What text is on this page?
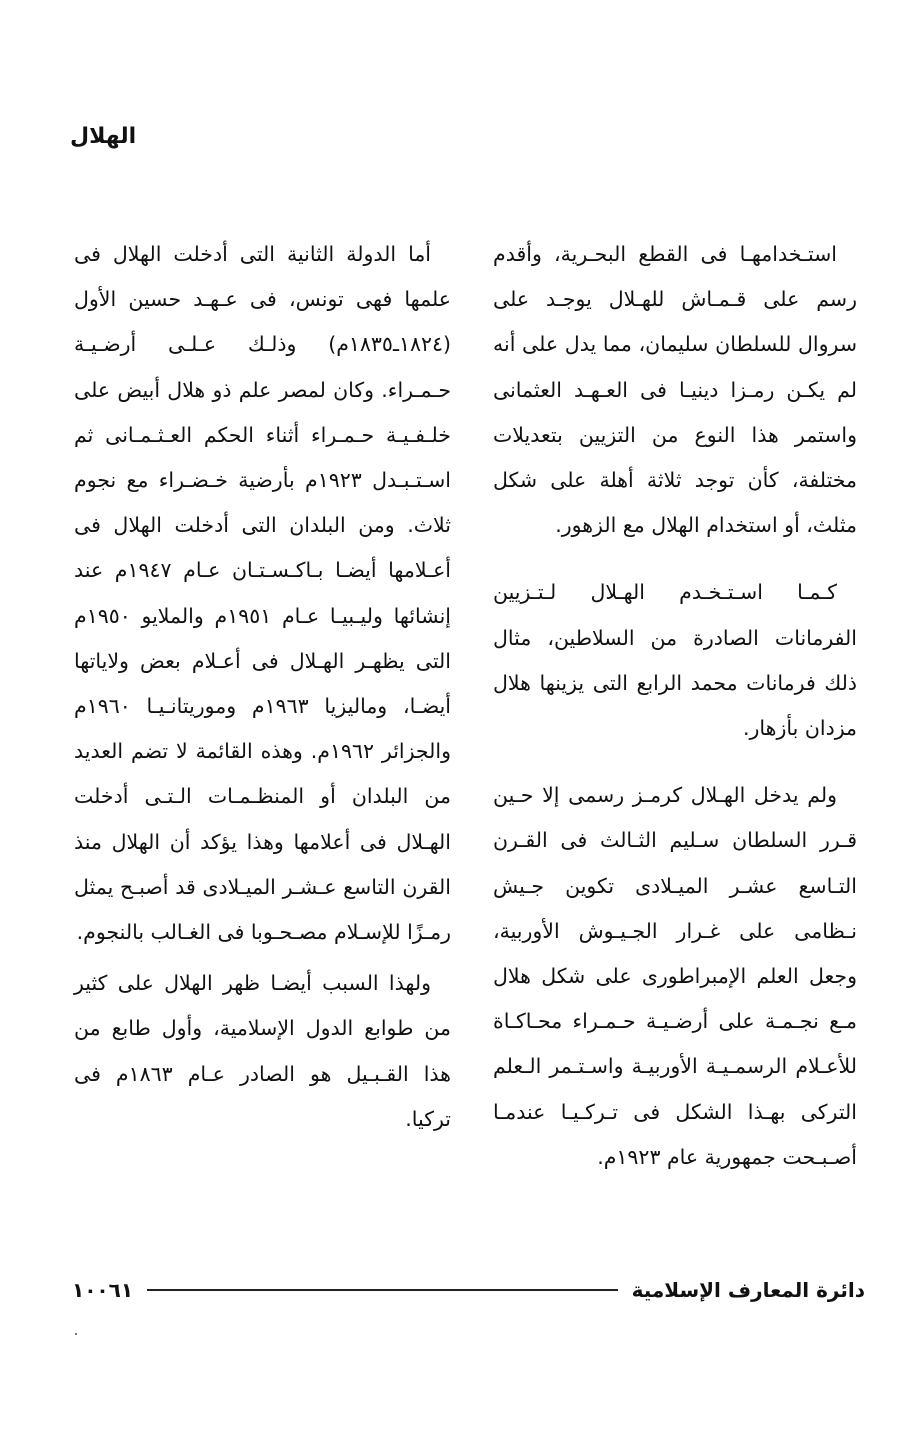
الهلال

استـخدامهـا فى القطع البحـرية، وأقدم رسم على قـمـاش للهـلال يوجـد على سروال للسلطان سليمان، مما يدل على أنه لم يكـن رمـزا دينيـا فى العـهـد العثمانى واستمر هذا النوع من التزيين بتعديلات مختلفة، كأن توجد ثلاثة أهلة على شكل مثلث، أو استخدام الهلال مع الزهور.

كـمـا اسـتـخـدم الهـلال لـتـزيين الفرمانات الصادرة من السلاطين، مثال ذلك فرمانات محمد الرابع التى يزينها هلال مزدان بأزهار.

ولم يدخل الهـلال كرمـز رسمى إلا حـين قـرر السلطان سـليم الثـالث فى القـرن التـاسع عشـر الميـلادى تكوين جـيش نـظامى على غـرار الجـيـوش الأوربية، وجعل العلم الإمبراطورى على شكل هلال مـع نجـمـة على أرضـيـة حـمـراء محـاكـاة للأعـلام الرسمـيـة الأوربيـة واسـتـمر الـعلم التركى بهـذا الشكل فى تـركـيـا عندمـا أصـبـحت جمهورية عام ١٩٢٣م.

أما الدولة الثانية التى أدخلت الهلال فى علمها فهى تونس، فى عـهـد حسين الأول (١٨٢٤ـ١٨٣٥م) وذلـك عـلـى أرضـيـة حـمـراء. وكان لمصر علم ذو هلال أبيض على خلـفـيـة حـمـراء أثناء الحكم العـثـمـانى ثم اسـتـبـدل ١٩٢٣م بأرضية خـضـراء مع نجوم ثلاث. ومن البلدان التى أدخلت الهلال فى أعـلامها أيضـا بـاكـسـتـان عـام ١٩٤٧م عند إنشائها وليـبيـا عـام ١٩٥١م والملايو ١٩٥٠م التى يظهـر الهـلال فى أعـلام بعض ولاياتها أيضـا، وماليزيا ١٩٦٣م وموريتانـيـا ١٩٦٠م والجزائر ١٩٦٢م. وهذه القائمة لا تضم العديد من البلدان أو المنظـمـات الـتـى أدخلت الهـلال فى أعلامها وهذا يؤكد أن الهلال منذ القرن التاسع عـشـر الميـلادى قد أصبـح يمثل رمـزًا للإسـلام مصـحـوبا فى الغـالب بالنجوم.

ولهذا السبب أيضـا ظهر الهلال على كثير من طوابع الدول الإسلامية، وأول طابع من هذا القـبـيل هو الصادر عـام ١٨٦٣م فى تركيا.

دائرة المعارف الإسلامية
١٠٠٦١
